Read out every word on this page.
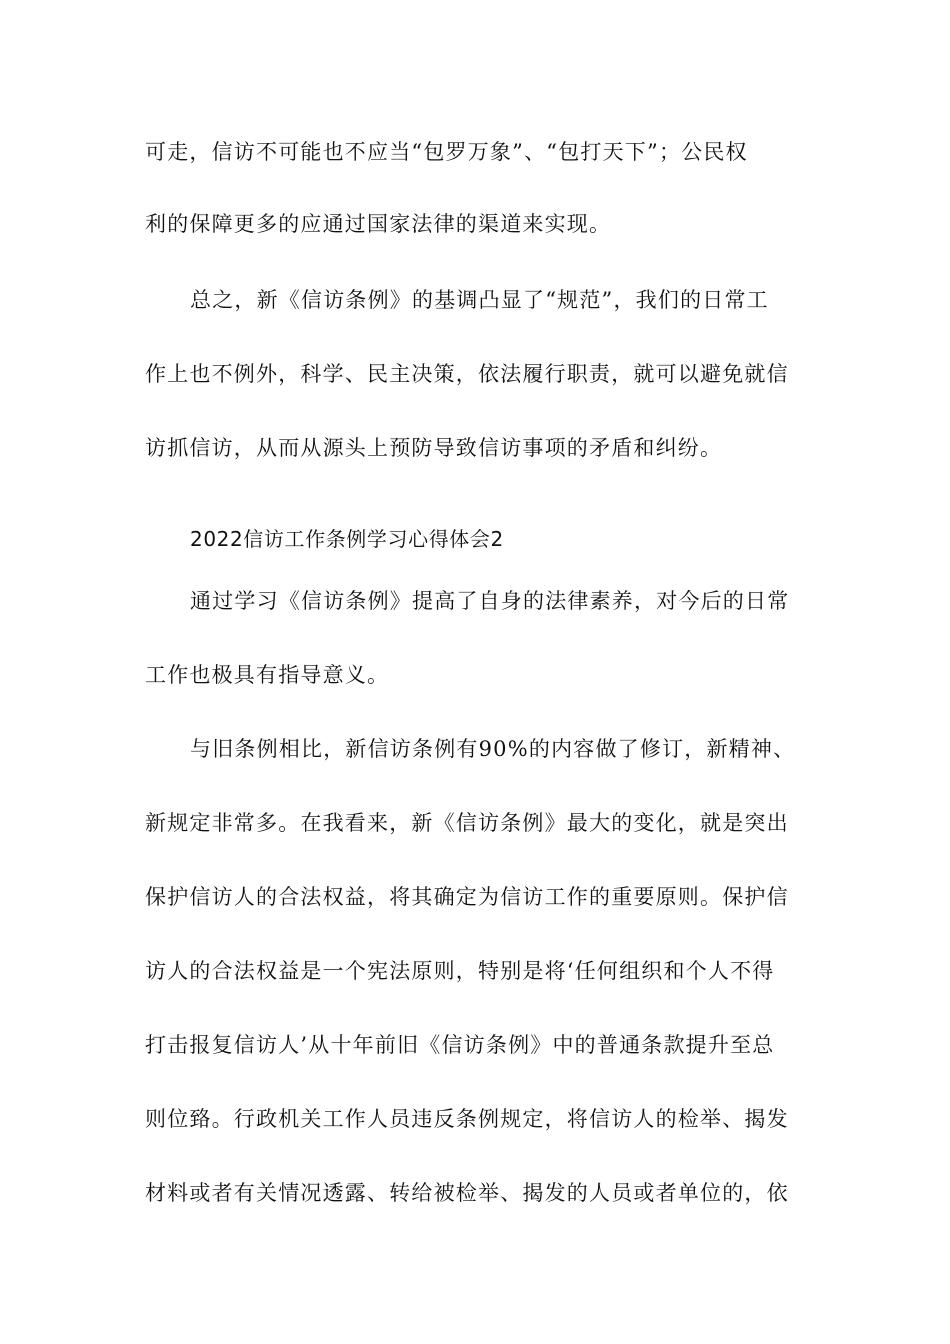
可走，信访不可能也不应当“包罗万象”、“包打天下”；公民权
利的保障更多的应通过国家法律的渠道来实现。
总之，新《信访条例》的基调凸显了“规范”，我们的日常工
作上也不例外，科学、民主决策，依法履行职责，就可以避免就信
访抓信访，从而从源头上预防导致信访事项的矛盾和纠纷。
2022信访工作条例学习心得体会2
通过学习《信访条例》提高了自身的法律素养，对今后的日常
工作也极具有指导意义。
与旧条例相比，新信访条例有90%的内容做了修订，新精神、
新规定非常多。在我看来，新《信访条例》最大的变化，就是突出
保护信访人的合法权益，将其确定为信访工作的重要原则。保护信
访人的合法权益是一个宪法原则，特别是将‘任何组织和个人不得
打击报复信访人’从十年前旧《信访条例》中的普通条款提升至总
则位臵。行政机关工作人员违反条例规定，将信访人的检举、揭发
材料或者有关情况透露、转给被检举、揭发的人员或者单位的，依
